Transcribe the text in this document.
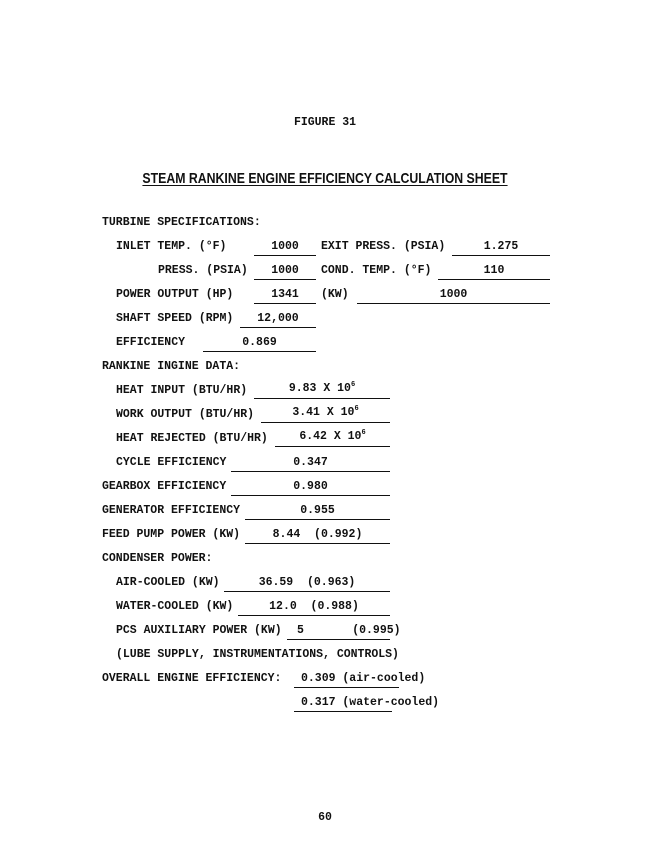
FIGURE 31
STEAM RANKINE ENGINE EFFICIENCY CALCULATION SHEET
TURBINE SPECIFICATIONS:
INLET TEMP. (°F)	1000	EXIT PRESS. (PSIA)	1.275
PRESS. (PSIA)	1000	COND. TEMP. (°F)	110
POWER OUTPUT (HP)	1341	(KW)	1000
SHAFT SPEED (RPM)	12,000
EFFICIENCY	0.869
RANKINE INGINE DATA:
HEAT INPUT (BTU/HR)	9.83 X $10^6$
WORK OUTPUT (BTU/HR)	3.41 X $10^6$
HEAT REJECTED (BTU/HR)	6.42 X $10^6$
CYCLE EFFICIENCY	0.347
GEARBOX EFFICIENCY	0.980
GENERATOR EFFICIENCY	0.955
FEED PUMP POWER (KW)	8.44  (0.992)
CONDENSER POWER:
AIR-COOLED (KW)	36.59  (0.963)
WATER-COOLED (KW)	12.0  (0.988)
PCS AUXILIARY POWER (KW) 5       (0.995)
(LUBE SUPPLY, INSTRUMENTATIONS, CONTROLS)
OVERALL ENGINE EFFICIENCY: 0.309 (air-cooled)
0.317 (water-cooled)
60
